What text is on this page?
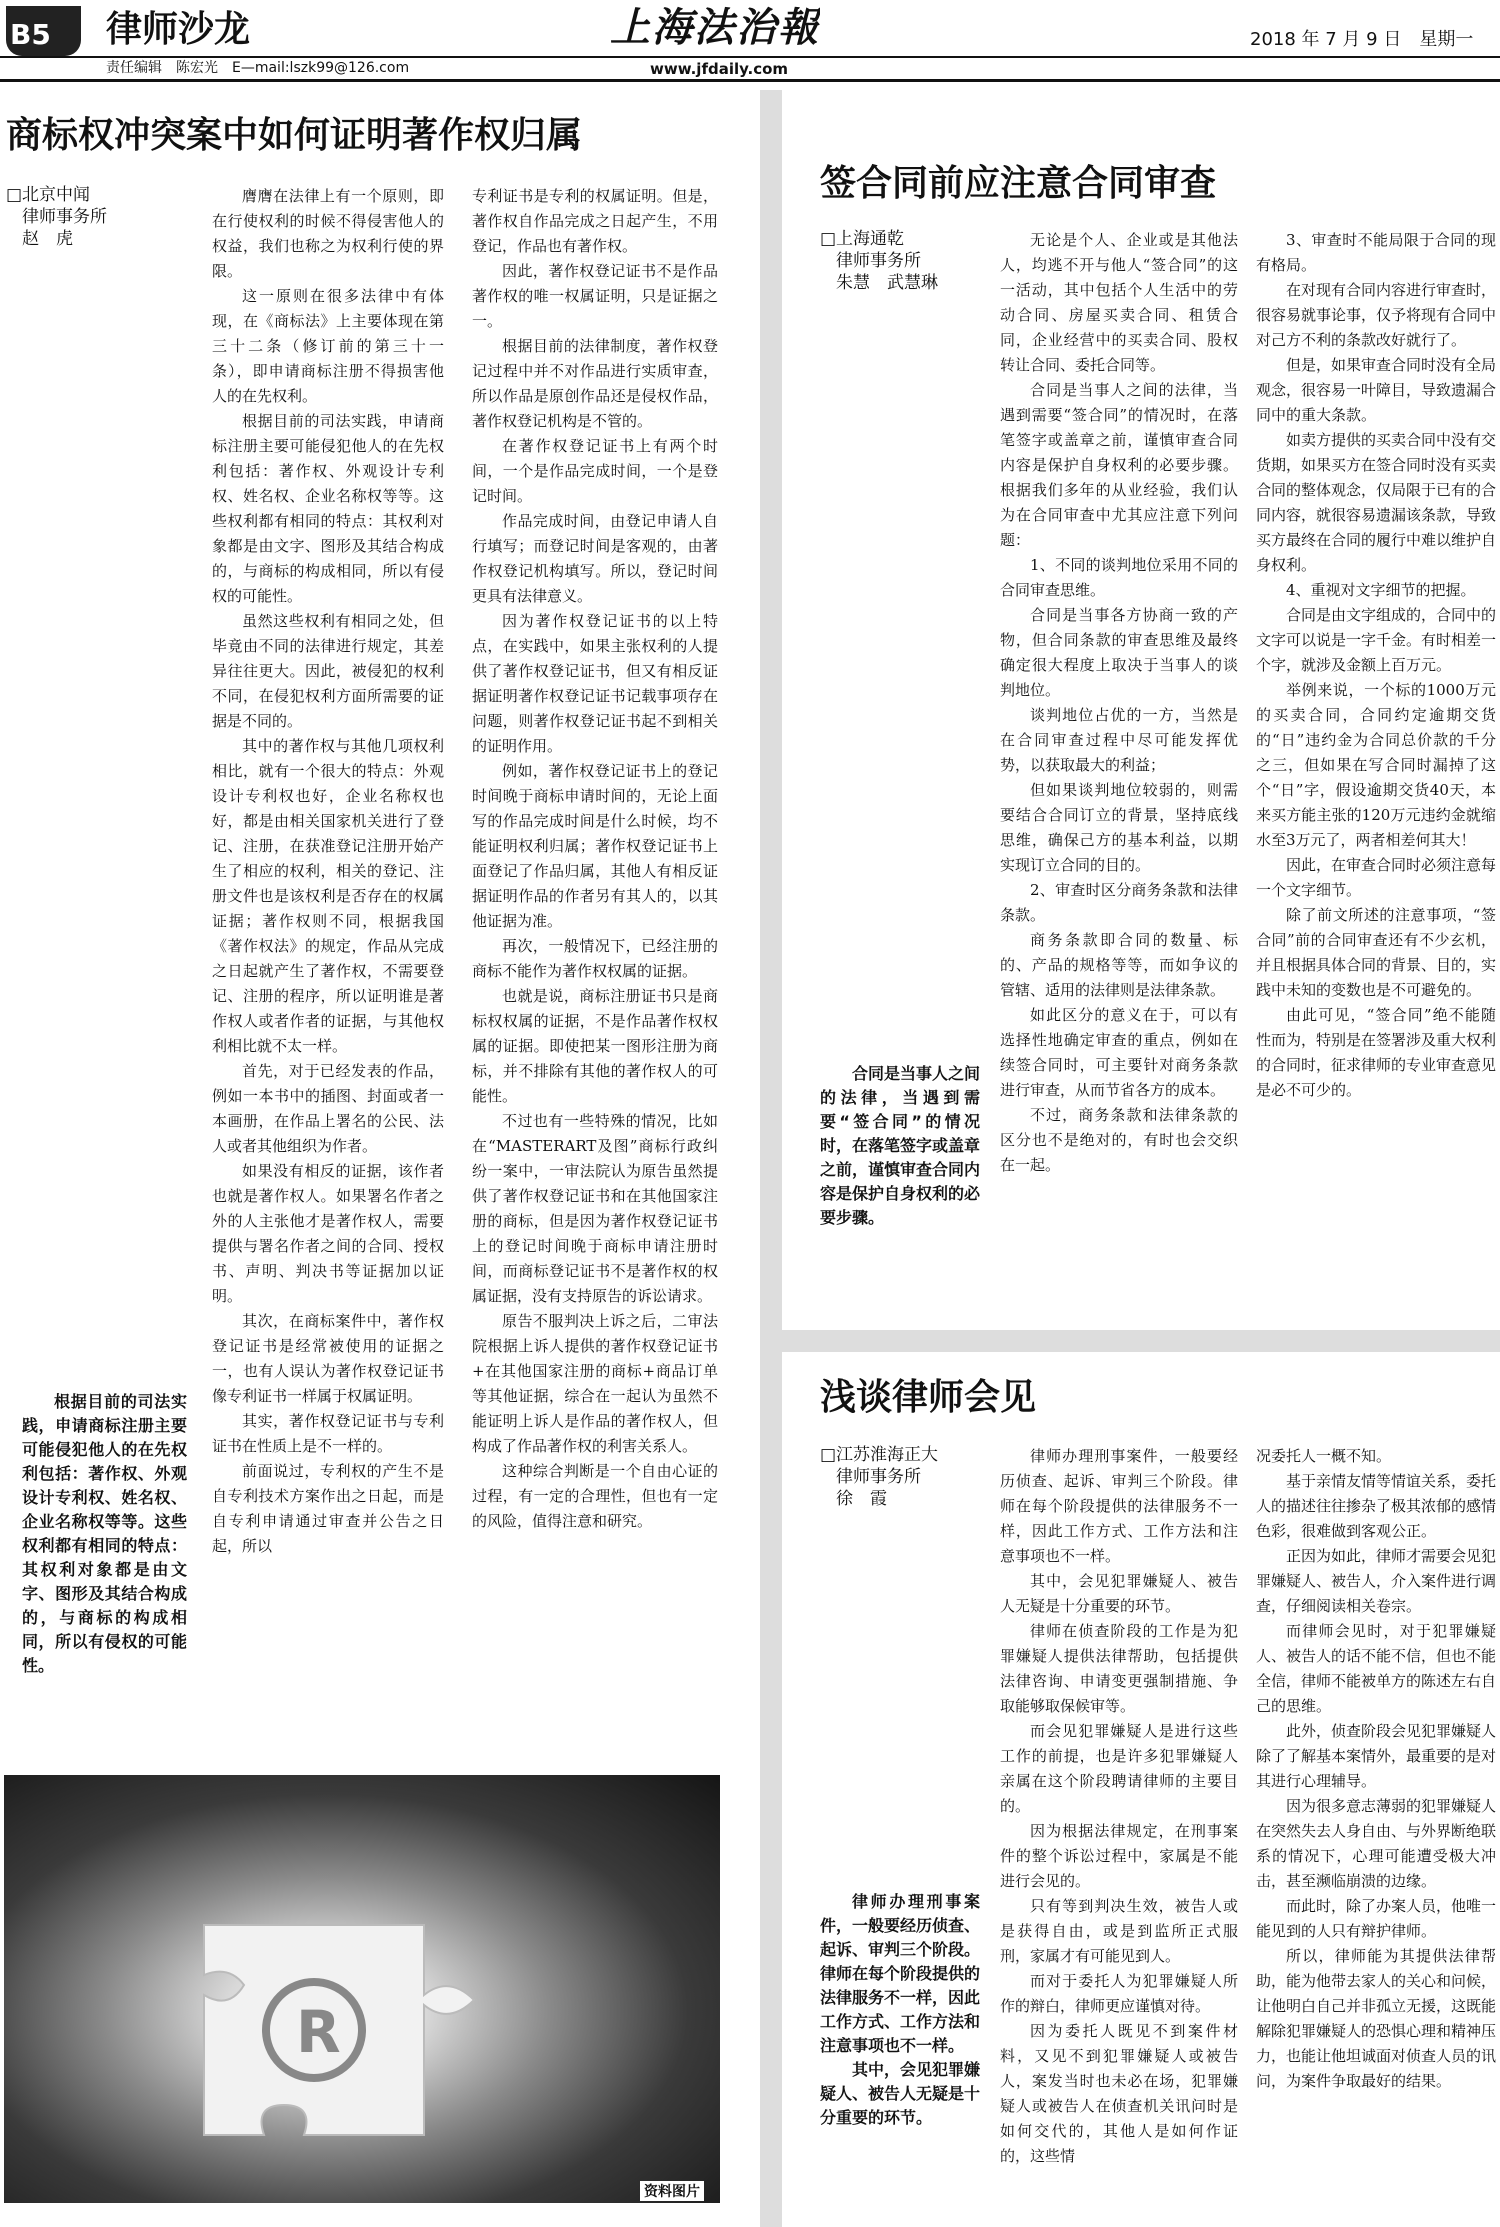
B5	律师沙龙
责任编辑　陈宏光　E—mail:lszk99@126.com
上海法治報
www.jfdaily.com
2018 年 7 月 9 日　星期一
商标权冲突案中如何证明著作权归属
□北京中闻
律师事务所
赵　虎

根据目前的司法实践，申请商标注册主要可能侵犯他人的在先权利包括：著作权、外观设计专利权、姓名权、企业名称权等等。这些权利都有相同的特点：其权利对象都是由文字、图形及其结合构成的，与商标的构成相同，所以有侵权的可能性。

膺膺在法律上有一个原则，即在行使权利的时候不得侵害他人的权益，我们也称之为权利行使的界限。

这一原则在很多法律中有体现，在《商标法》上主要体现在第三十二条（修订前的第三十一条），即申请商标注册不得损害他人的在先权利。

根据目前的司法实践，申请商标注册主要可能侵犯他人的在先权利包括：著作权、外观设计专利权、姓名权、企业名称权等等。这些权利都有相同的特点：其权利对象都是由文字、图形及其结合构成的，与商标的构成相同，所以有侵权的可能性。

虽然这些权利有相同之处，但毕竟由不同的法律进行规定，其差异往往更大。因此，被侵犯的权利不同，在侵犯权利方面所需要的证据是不同的。

其中的著作权与其他几项权利相比，就有一个很大的特点：外观设计专利权也好，企业名称权也好，都是由相关国家机关进行了登记、注册，在获准登记注册开始产生了相应的权利，相关的登记、注册文件也是该权利是否存在的权属证据；著作权则不同，根据我国《著作权法》的规定，作品从完成之日起就产生了著作权，不需要登记、注册的程序，所以证明谁是著作权人或者作者的证据，与其他权利相比就不太一样。

首先，对于已经发表的作品，例如一本书中的插图、封面或者一本画册，在作品上署名的公民、法人或者其他组织为作者。

如果没有相反的证据，该作者也就是著作权人。如果署名作者之外的人主张他才是著作权人，需要提供与署名作者之间的合同、授权书、声明、判决书等证据加以证明。

其次，在商标案件中，著作权登记证书是经常被使用的证据之一，也有人误认为著作权登记证书像专利证书一样属于权属证明。

其实，著作权登记证书与专利证书在性质上是不一样的。

前面说过，专利权的产生不是自专利技术方案作出之日起，而是自专利申请通过审查并公告之日起，所以

专利证书是专利的权属证明。但是，著作权自作品完成之日起产生，不用登记，作品也有著作权。

因此，著作权登记证书不是作品著作权的唯一权属证明，只是证据之一。

根据目前的法律制度，著作权登记过程中并不对作品进行实质审查，所以作品是原创作品还是侵权作品，著作权登记机构是不管的。

在著作权登记证书上有两个时间，一个是作品完成时间，一个是登记时间。

作品完成时间，由登记申请人自行填写；而登记时间是客观的，由著作权登记机构填写。所以，登记时间更具有法律意义。

因为著作权登记证书的以上特点，在实践中，如果主张权利的人提供了著作权登记证书，但又有相反证据证明著作权登记证书记载事项存在问题，则著作权登记证书起不到相关的证明作用。

例如，著作权登记证书上的登记时间晚于商标申请时间的，无论上面写的作品完成时间是什么时候，均不能证明权利归属；著作权登记证书上面登记了作品归属，其他人有相反证据证明作品的作者另有其人的，以其他证据为准。

再次，一般情况下，已经注册的商标不能作为著作权权属的证据。

也就是说，商标注册证书只是商标权权属的证据，不是作品著作权权属的证据。即使把某一图形注册为商标，并不排除有其他的著作权人的可能性。

不过也有一些特殊的情况，比如在“MASTERART及图”商标行政纠纷一案中，一审法院认为原告虽然提供了著作权登记证书和在其他国家注册的商标，但是因为著作权登记证书上的登记时间晚于商标申请注册时间，而商标登记证书不是著作权的权属证据，没有支持原告的诉讼请求。

原告不服判决上诉之后，二审法院根据上诉人提供的著作权登记证书+在其他国家注册的商标+商品订单等其他证据，综合在一起认为虽然不能证明上诉人是作品的著作权人，但构成了作品著作权的利害关系人。

这种综合判断是一个自由心证的过程，有一定的合理性，但也有一定的风险，值得注意和研究。

R
资料图片
签合同前应注意合同审查
□上海通乾
律师事务所
朱慧　武慧琳

合同是当事人之间的法律，当遇到需要“签合同”的情况时，在落笔签字或盖章之前，谨慎审查合同内容是保护自身权利的必要步骤。

无论是个人、企业或是其他法人，均逃不开与他人“签合同”的这一活动，其中包括个人生活中的劳动合同、房屋买卖合同、租赁合同，企业经营中的买卖合同、股权转让合同、委托合同等。

合同是当事人之间的法律，当遇到需要“签合同”的情况时，在落笔签字或盖章之前，谨慎审查合同内容是保护自身权利的必要步骤。根据我们多年的从业经验，我们认为在合同审查中尤其应注意下列问题：

1、不同的谈判地位采用不同的合同审查思维。

合同是当事各方协商一致的产物，但合同条款的审查思维及最终确定很大程度上取决于当事人的谈判地位。

谈判地位占优的一方，当然是在合同审查过程中尽可能发挥优势，以获取最大的利益；

但如果谈判地位较弱的，则需要结合合同订立的背景，坚持底线思维，确保己方的基本利益，以期实现订立合同的目的。

2、审查时区分商务条款和法律条款。

商务条款即合同的数量、标的、产品的规格等等，而如争议的管辖、适用的法律则是法律条款。

如此区分的意义在于，可以有选择性地确定审查的重点，例如在续签合同时，可主要针对商务条款进行审查，从而节省各方的成本。

不过，商务条款和法律条款的区分也不是绝对的，有时也会交织在一起。

3、审查时不能局限于合同的现有格局。

在对现有合同内容进行审查时，很容易就事论事，仅予将现有合同中对己方不利的条款改好就行了。

但是，如果审查合同时没有全局观念，很容易一叶障目，导致遗漏合同中的重大条款。

如卖方提供的买卖合同中没有交货期，如果买方在签合同时没有买卖合同的整体观念，仅局限于已有的合同内容，就很容易遗漏该条款，导致买方最终在合同的履行中难以维护自身权利。

4、重视对文字细节的把握。

合同是由文字组成的，合同中的文字可以说是一字千金。有时相差一个字，就涉及金额上百万元。

举例来说，一个标的1000万元的买卖合同，合同约定逾期交货的“日”违约金为合同总价款的千分之三，但如果在写合同时漏掉了这个“日”字，假设逾期交货40天，本来买方能主张的120万元违约金就缩水至3万元了，两者相差何其大！

因此，在审查合同时必须注意每一个文字细节。

除了前文所述的注意事项，“签合同”前的合同审查还有不少玄机，并且根据具体合同的背景、目的，实践中未知的变数也是不可避免的。

由此可见，“签合同”绝不能随性而为，特别是在签署涉及重大权利的合同时，征求律师的专业审查意见是必不可少的。

浅谈律师会见
□江苏淮海正大
律师事务所
徐　霞

律师办理刑事案件，一般要经历侦查、起诉、审判三个阶段。律师在每个阶段提供的法律服务不一样，因此工作方式、工作方法和注意事项也不一样。

其中，会见犯罪嫌疑人、被告人无疑是十分重要的环节。

律师办理刑事案件，一般要经历侦查、起诉、审判三个阶段。律师在每个阶段提供的法律服务不一样，因此工作方式、工作方法和注意事项也不一样。

其中，会见犯罪嫌疑人、被告人无疑是十分重要的环节。

律师在侦查阶段的工作是为犯罪嫌疑人提供法律帮助，包括提供法律咨询、申请变更强制措施、争取能够取保候审等。

而会见犯罪嫌疑人是进行这些工作的前提，也是许多犯罪嫌疑人亲属在这个阶段聘请律师的主要目的。

因为根据法律规定，在刑事案件的整个诉讼过程中，家属是不能进行会见的。

只有等到判决生效，被告人或是获得自由，或是到监所正式服刑，家属才有可能见到人。

而对于委托人为犯罪嫌疑人所作的辩白，律师更应谨慎对待。

因为委托人既见不到案件材料，又见不到犯罪嫌疑人或被告人，案发当时也未必在场，犯罪嫌疑人或被告人在侦查机关讯问时是如何交代的，其他人是如何作证的，这些情

况委托人一概不知。

基于亲情友情等情谊关系，委托人的描述往往掺杂了极其浓郁的感情色彩，很难做到客观公正。

正因为如此，律师才需要会见犯罪嫌疑人、被告人，介入案件进行调查，仔细阅读相关卷宗。

而律师会见时，对于犯罪嫌疑人、被告人的话不能不信，但也不能全信，律师不能被单方的陈述左右自己的思维。

此外，侦查阶段会见犯罪嫌疑人除了了解基本案情外，最重要的是对其进行心理辅导。

因为很多意志薄弱的犯罪嫌疑人在突然失去人身自由、与外界断绝联系的情况下，心理可能遭受极大冲击，甚至濒临崩溃的边缘。

而此时，除了办案人员，他唯一能见到的人只有辩护律师。

所以，律师能为其提供法律帮助，能为他带去家人的关心和问候，让他明白自己并非孤立无援，这既能解除犯罪嫌疑人的恐惧心理和精神压力，也能让他坦诚面对侦查人员的讯问，为案件争取最好的结果。
